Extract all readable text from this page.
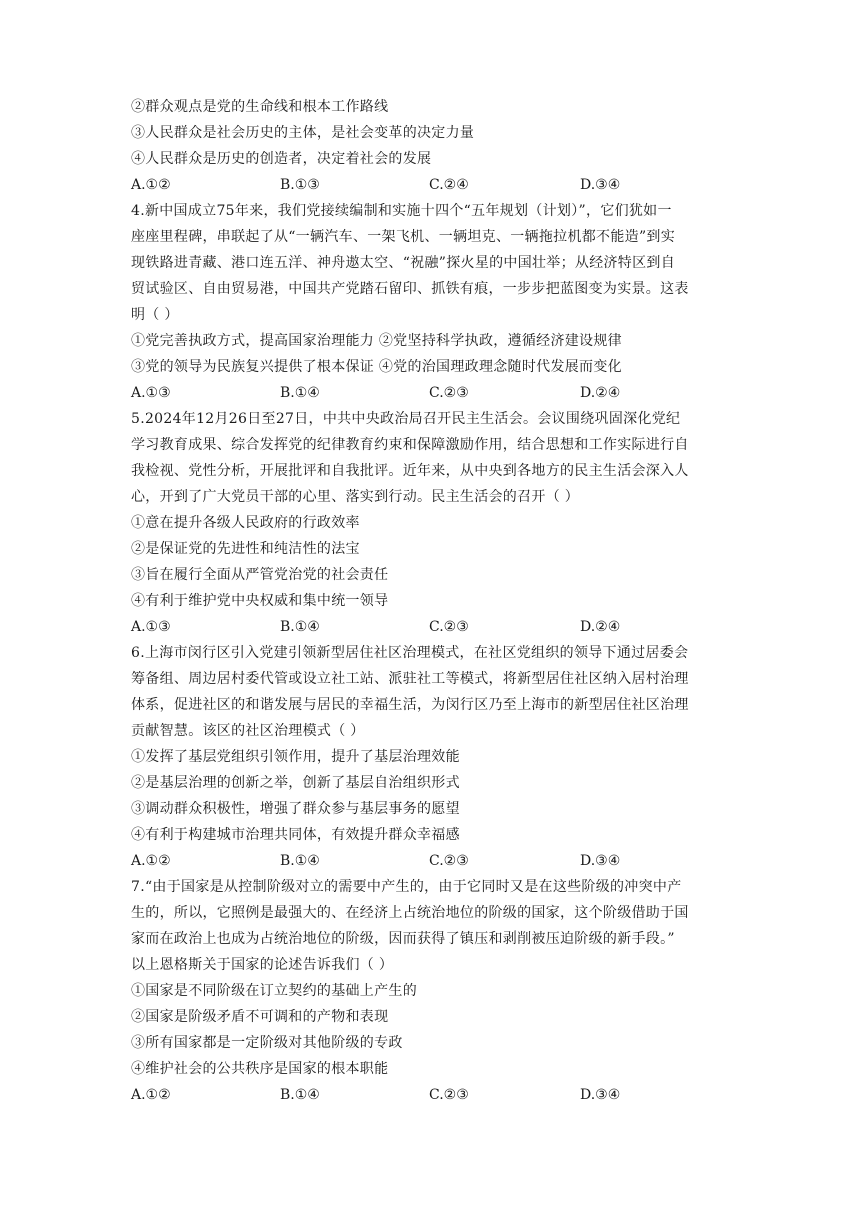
②群众观点是党的生命线和根本工作路线
③人民群众是社会历史的主体，是社会变革的决定力量
④人民群众是历史的创造者，决定着社会的发展
A.①②	B.①③	C.②④	D.③④
4.新中国成立75年来，我们党接续编制和实施十四个“五年规划（计划）”，它们犹如一
座座里程碑，串联起了从“一辆汽车、一架飞机、一辆坦克、一辆拖拉机都不能造”到实
现铁路进青藏、港口连五洋、神舟遨太空、“祝融”探火星的中国壮举；从经济特区到自
贸试验区、自由贸易港，中国共产党踏石留印、抓铁有痕，一步步把蓝图变为实景。这表
明（ ）
①党完善执政方式，提高国家治理能力 ②党坚持科学执政，遵循经济建设规律
③党的领导为民族复兴提供了根本保证 ④党的治国理政理念随时代发展而变化
A.①③	B.①④	C.②③	D.②④
5.2024年12月26日至27日，中共中央政治局召开民主生活会。会议围绕巩固深化党纪
学习教育成果、综合发挥党的纪律教育约束和保障激励作用，结合思想和工作实际进行自
我检视、党性分析，开展批评和自我批评。近年来，从中央到各地方的民主生活会深入人
心，开到了广大党员干部的心里、落实到行动。民主生活会的召开（ ）
①意在提升各级人民政府的行政效率
②是保证党的先进性和纯洁性的法宝
③旨在履行全面从严管党治党的社会责任
④有利于维护党中央权威和集中统一领导
A.①③	B.①④	C.②③	D.②④
6.上海市闵行区引入党建引领新型居住社区治理模式，在社区党组织的领导下通过居委会
筹备组、周边居村委代管或设立社工站、派驻社工等模式，将新型居住社区纳入居村治理
体系，促进社区的和谐发展与居民的幸福生活，为闵行区乃至上海市的新型居住社区治理
贡献智慧。该区的社区治理模式（ ）
①发挥了基层党组织引领作用，提升了基层治理效能
②是基层治理的创新之举，创新了基层自治组织形式
③调动群众积极性，增强了群众参与基层事务的愿望
④有利于构建城市治理共同体，有效提升群众幸福感
A.①②	B.①④	C.②③	D.③④
7.“由于国家是从控制阶级对立的需要中产生的，由于它同时又是在这些阶级的冲突中产
生的，所以，它照例是最强大的、在经济上占统治地位的阶级的国家，这个阶级借助于国
家而在政治上也成为占统治地位的阶级，因而获得了镇压和剥削被压迫阶级的新手段。”
以上恩格斯关于国家的论述告诉我们（ ）
①国家是不同阶级在订立契约的基础上产生的
②国家是阶级矛盾不可调和的产物和表现
③所有国家都是一定阶级对其他阶级的专政
④维护社会的公共秩序是国家的根本职能
A.①②	B.①④	C.②③	D.③④
